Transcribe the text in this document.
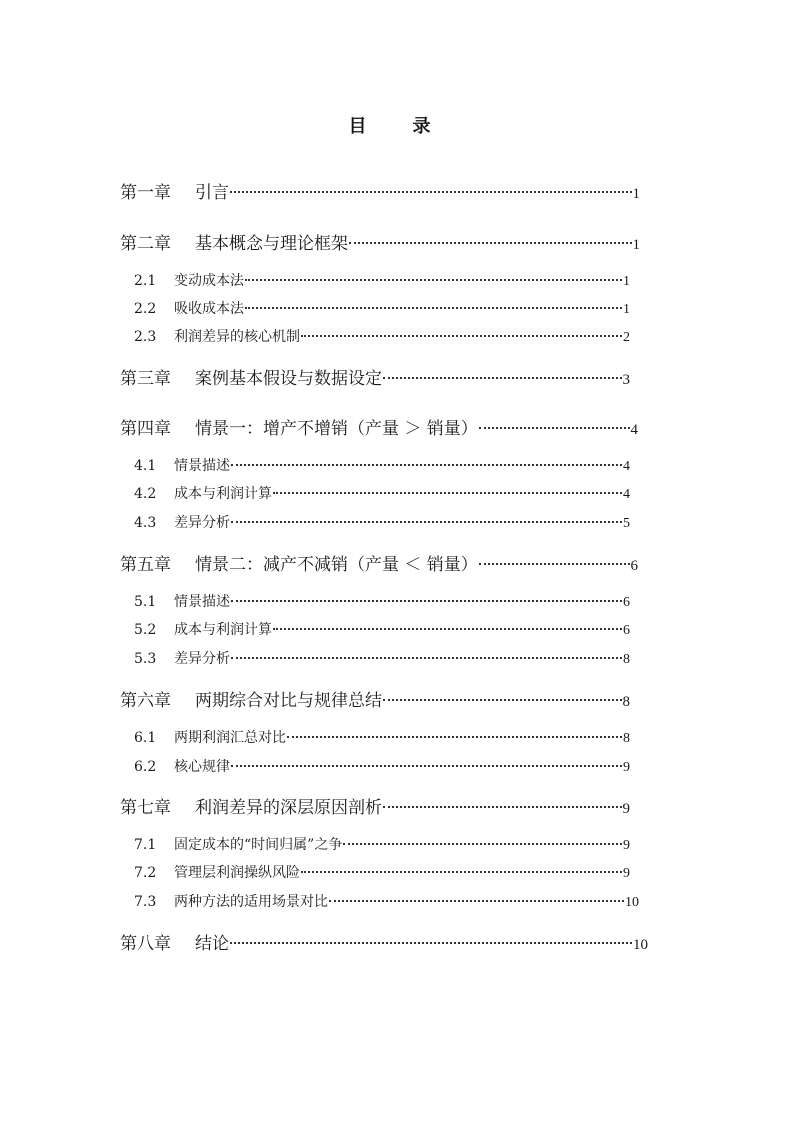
目　录
第一章	引言	1
第二章	基本概念与理论框架	1
2.1	变动成本法	1
2.2	吸收成本法	1
2.3	利润差异的核心机制	2
第三章	案例基本假设与数据设定	3
第四章	情景一：增产不增销（产量 ＞ 销量）	4
4.1	情景描述	4
4.2	成本与利润计算	4
4.3	差异分析	5
第五章	情景二：减产不减销（产量 ＜ 销量）	6
5.1	情景描述	6
5.2	成本与利润计算	6
5.3	差异分析	8
第六章	两期综合对比与规律总结	8
6.1	两期利润汇总对比	8
6.2	核心规律	9
第七章	利润差异的深层原因剖析	9
7.1	固定成本的“时间归属”之争	9
7.2	管理层利润操纵风险	9
7.3	两种方法的适用场景对比	10
第八章	结论	10
